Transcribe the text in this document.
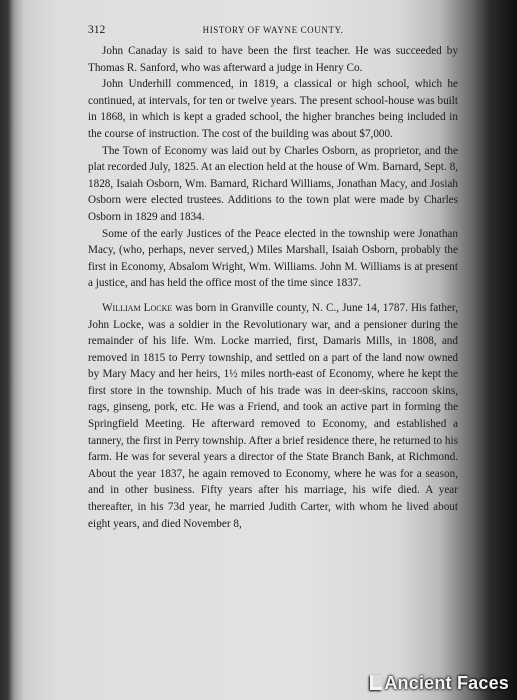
312	HISTORY OF WAYNE COUNTY.

John Canaday is said to have been the first teacher. He was succeeded by Thomas R. Sanford, who was afterward a judge in Henry Co.

John Underhill commenced, in 1819, a classical or high school, which he continued, at intervals, for ten or twelve years. The present school-house was built in 1868, in which is kept a graded school, the higher branches being included in the course of instruction. The cost of the building was about $7,000.

The Town of Economy was laid out by Charles Osborn, as proprietor, and the plat recorded July, 1825. At an election held at the house of Wm. Barnard, Sept. 8, 1828, Isaiah Osborn, Wm. Barnard, Richard Williams, Jonathan Macy, and Josiah Osborn were elected trustees. Additions to the town plat were made by Charles Osborn in 1829 and 1834.

Some of the early Justices of the Peace elected in the township were Jonathan Macy, (who, perhaps, never served,) Miles Marshall, Isaiah Osborn, probably the first in Economy, Absalom Wright, Wm. Williams. John M. Williams is at present a justice, and has held the office most of the time since 1837.

William Locke was born in Granville county, N. C., June 14, 1787. His father, John Locke, was a soldier in the Revolutionary war, and a pensioner during the remainder of his life. Wm. Locke married, first, Damaris Mills, in 1808, and removed in 1815 to Perry township, and settled on a part of the land now owned by Mary Macy and her heirs, 1½ miles north-east of Economy, where he kept the first store in the township. Much of his trade was in deer-skins, raccoon skins, rags, ginseng, pork, etc. He was a Friend, and took an active part in forming the Springfield Meeting. He afterward removed to Economy, and established a tannery, the first in Perry township. After a brief residence there, he returned to his farm. He was for several years a director of the State Branch Bank, at Richmond. About the year 1837, he again removed to Economy, where he was for a season, and in other business. Fifty years after his marriage, his wife died. A year thereafter, in his 73d year, he married Judith Carter, with whom he lived about eight years, and died November 8,

Ancient Faces
